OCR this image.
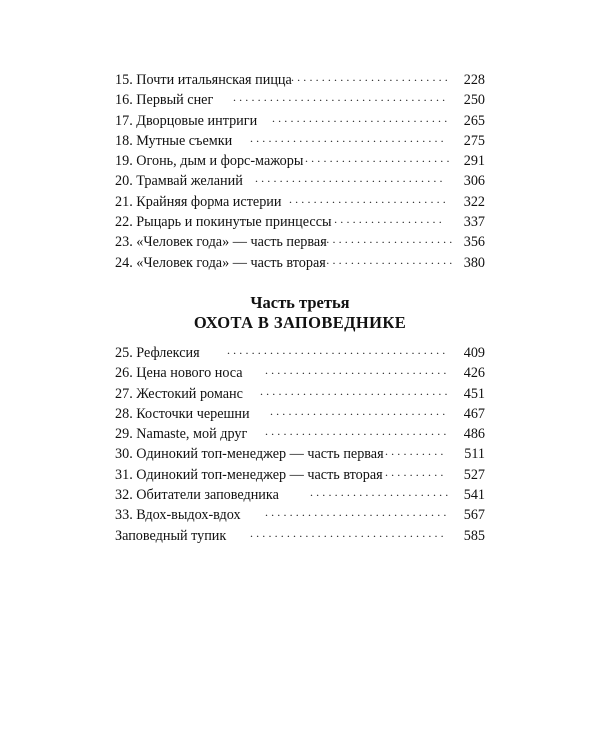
15. Почти итальянская пицца .......................... 228
16. Первый снег ................................... 250
17. Дворцовые интриги ............................. 265
18. Мутные съемки ................................ 275
19. Огонь, дым и форс-мажоры ........................ 291
20. Трамвай желаний ............................... 306
21. Крайняя форма истерии .......................... 322
22. Рыцарь и покинутые принцессы
................... 337
23. «Человек года» — часть первая
....................... 356
24. «Человек года» — часть вторая
....................... 380
Часть третья
ОХОТА В ЗАПОВЕДНИКЕ
25. Рефлексия .................................... 409
26. Цена нового носа .............................. 426
27. Жестокий романс ............................... 451
28. Косточки черешни ............................. 467
29. Namaste, мой друг .............................. 486
30. Одинокий топ-менеджер — часть первая .......... 511
31. Одинокий топ-менеджер — часть вторая .......... 527
32. Обитатели заповедника	....................... 541
33. Вдох-выдох-вдох .............................. 567
Заповедный тупик ................................ 585
